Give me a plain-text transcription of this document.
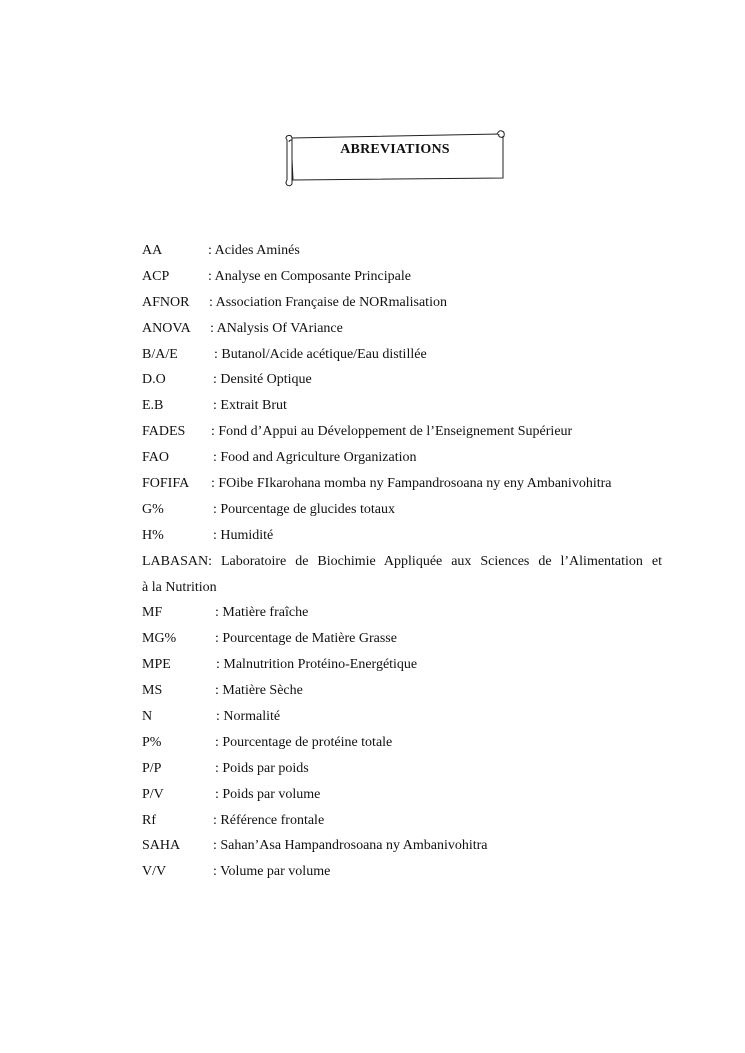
ABREVIATIONS
AA	: Acides Aminés
ACP	: Analyse en Composante Principale
AFNOR : Association Française de NORmalisation
ANOVA : ANalysis Of VAriance
B/A/E	: Butanol/Acide acétique/Eau distillée
D.O	: Densité Optique
E.B	: Extrait Brut
FADES : Fond d’Appui au Développement de l’Enseignement Supérieur
FAO	: Food and Agriculture Organization
FOFIFA : FOibe FIkarohana momba ny Fampandrosoana ny eny Ambanivohitra
G%	: Pourcentage de glucides totaux
H%	: Humidité
LABASAN: Laboratoire de Biochimie Appliquée aux Sciences de l’Alimentation et
à la Nutrition
MF	: Matière fraîche
MG%	: Pourcentage de Matière Grasse
MPE	: Malnutrition Protéino-Energétique
MS	: Matière Sèche
N	: Normalité
P%	: Pourcentage de protéine totale
P/P	: Poids par poids
P/V	: Poids par volume
Rf	: Référence frontale
SAHA : Sahan’Asa Hampandrosoana ny Ambanivohitra
V/V	: Volume par volume
